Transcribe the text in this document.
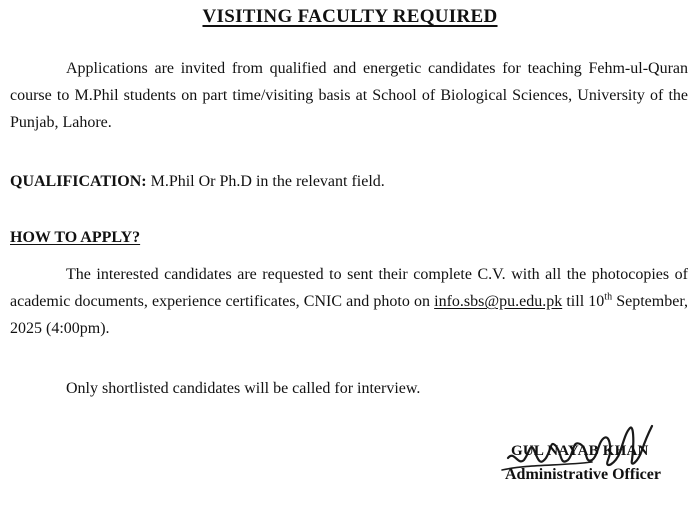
VISITING FACULTY REQUIRED
Applications are invited from qualified and energetic candidates for teaching Fehm-ul-Quran course to M.Phil students on part time/visiting basis at School of Biological Sciences, University of the Punjab, Lahore.
QUALIFICATION: M.Phil Or Ph.D in the relevant field.
HOW TO APPLY?
The interested candidates are requested to sent their complete C.V. with all the photocopies of academic documents, experience certificates, CNIC and photo on info.sbs@pu.edu.pk till 10th September, 2025 (4:00pm).
Only shortlisted candidates will be called for interview.
GUL NAYAB KHAN
Administrative Officer
